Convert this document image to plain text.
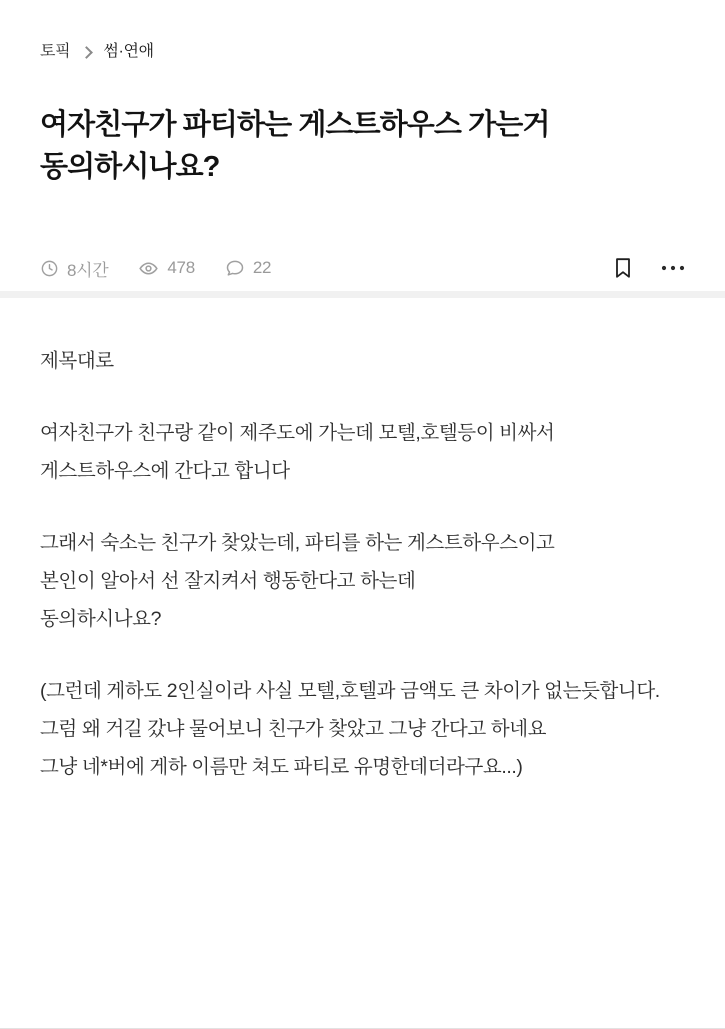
토픽 썸·연애
여자친구가 파티하는 게스트하우스 가는거 동의하시나요?
8시간	478	22

제목대로

여자친구가 친구랑 같이 제주도에 가는데 모텔,호텔등이 비싸서 게스트하우스에 간다고 합니다

그래서 숙소는 친구가 찾았는데, 파티를 하는 게스트하우스이고
본인이 알아서 선 잘지켜서 행동한다고 하는데
동의하시나요?

(그런데 게하도 2인실이라 사실 모텔,호텔과 금액도 큰 차이가 없는듯합니다. 그럼 왜 거길 갔냐 물어보니 친구가 찾았고 그냥 간다고 하네요
그냥 네*버에 게하 이름만 쳐도 파티로 유명한데더라구요...)
